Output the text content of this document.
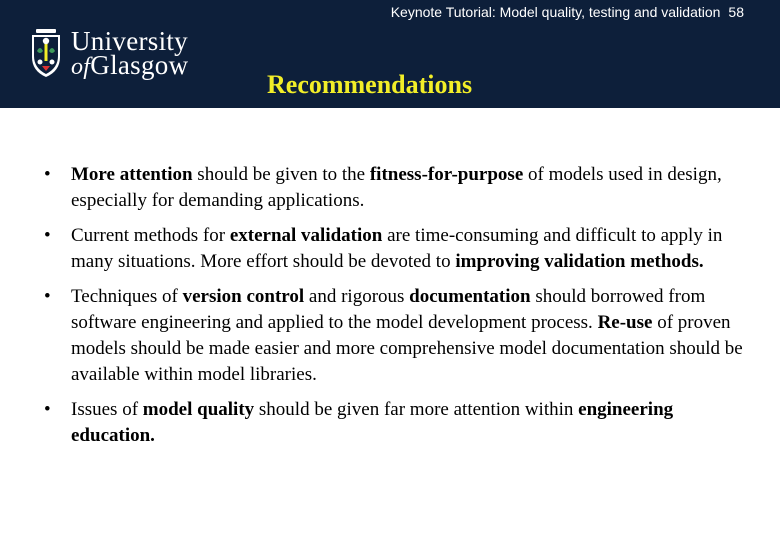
Keynote Tutorial: Model quality, testing and validation 58
University
ofGlasgow
Recommendations
• More attention should be given to the fitness-for-purpose of models used in design, especially for demanding applications.
• Current methods for external validation are time-consuming and difficult to apply in many situations. More effort should be devoted to improving validation methods.
• Techniques of version control and rigorous documentation should borrowed from software engineering and applied to the model development process. Re-use of proven models should be made easier and more comprehensive model documentation should be available within model libraries.
• Issues of model quality should be given far more attention within engineering education.
